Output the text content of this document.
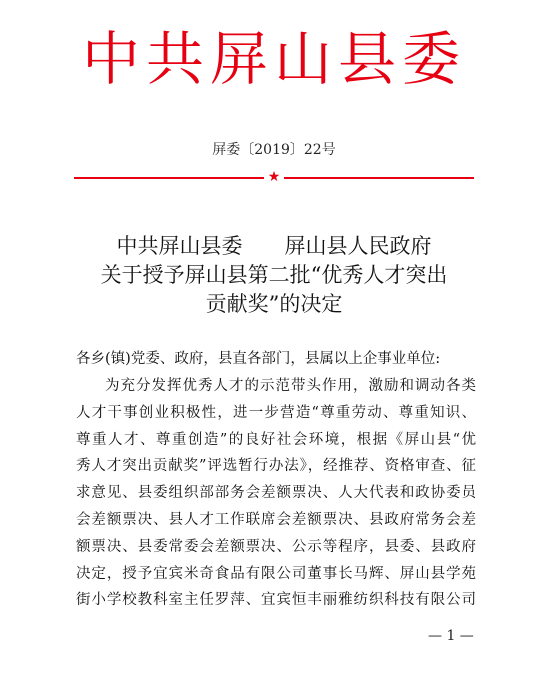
中共屏山县委
屏委〔2019〕22号
★
中共屏山县委　　屏山县人民政府
关于授予屏山县第二批“优秀人才突出
贡献奖”的决定
各乡(镇)党委、政府，县直各部门，县属以上企事业单位:
为充分发挥优秀人才的示范带头作用，激励和调动各类
人才干事创业积极性，进一步营造“尊重劳动、尊重知识、
尊重人才、尊重创造”的良好社会环境，根据《屏山县“优
秀人才突出贡献奖”评选暂行办法》，经推荐、资格审查、征
求意见、县委组织部部务会差额票决、人大代表和政协委员
会差额票决、县人才工作联席会差额票决、县政府常务会差
额票决、县委常委会差额票决、公示等程序，县委、县政府
决定，授予宜宾米奇食品有限公司董事长马辉、屏山县学苑
街小学校教科室主任罗萍、宜宾恒丰丽雅纺织科技有限公司
— 1 —
